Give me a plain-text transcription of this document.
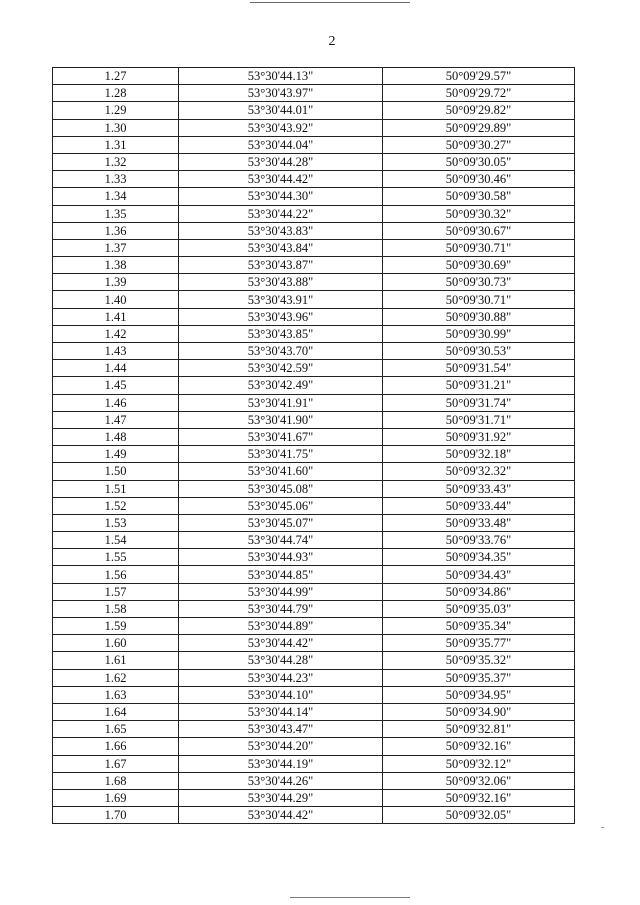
2
1.27	53°30'44.13"	50°09'29.57"
1.28	53°30'43.97"	50°09'29.72"
1.29	53°30'44.01"	50°09'29.82"
1.30	53°30'43.92"	50°09'29.89"
1.31	53°30'44.04"	50°09'30.27"
1.32	53°30'44.28"	50°09'30.05"
1.33	53°30'44.42"	50°09'30.46"
1.34	53°30'44.30"	50°09'30.58"
1.35	53°30'44.22"	50°09'30.32"
1.36	53°30'43.83"	50°09'30.67"
1.37	53°30'43.84"	50°09'30.71"
1.38	53°30'43.87"	50°09'30.69"
1.39	53°30'43.88"	50°09'30.73"
1.40	53°30'43.91"	50°09'30.71"
1.41	53°30'43.96"	50°09'30.88"
1.42	53°30'43.85"	50°09'30.99"
1.43	53°30'43.70"	50°09'30.53"
1.44	53°30'42.59"	50°09'31.54"
1.45	53°30'42.49"	50°09'31.21"
1.46	53°30'41.91"	50°09'31.74"
1.47	53°30'41.90"	50°09'31.71"
1.48	53°30'41.67"	50°09'31.92"
1.49	53°30'41.75"	50°09'32.18"
1.50	53°30'41.60"	50°09'32.32"
1.51	53°30'45.08"	50°09'33.43"
1.52	53°30'45.06"	50°09'33.44"
1.53	53°30'45.07"	50°09'33.48"
1.54	53°30'44.74"	50°09'33.76"
1.55	53°30'44.93"	50°09'34.35"
1.56	53°30'44.85"	50°09'34.43"
1.57	53°30'44.99"	50°09'34.86"
1.58	53°30'44.79"	50°09'35.03"
1.59	53°30'44.89"	50°09'35.34"
1.60	53°30'44.42"	50°09'35.77"
1.61	53°30'44.28"	50°09'35.32"
1.62	53°30'44.23"	50°09'35.37"
1.63	53°30'44.10"	50°09'34.95"
1.64	53°30'44.14"	50°09'34.90"
1.65	53°30'43.47"	50°09'32.81"
1.66	53°30'44.20"	50°09'32.16"
1.67	53°30'44.19"	50°09'32.12"
1.68	53°30'44.26"	50°09'32.06"
1.69	53°30'44.29"	50°09'32.16"
1.70	53°30'44.42"	50°09'32.05"
